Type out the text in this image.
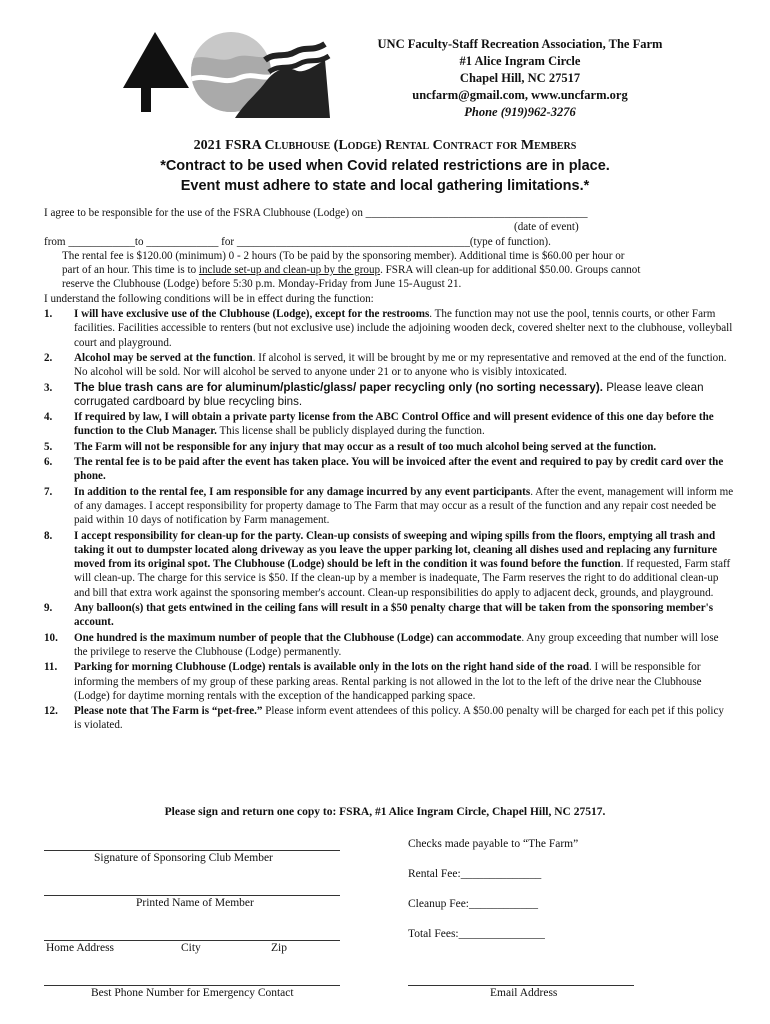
UNC Faculty-Staff Recreation Association, The Farm
#1 Alice Ingram Circle
Chapel Hill, NC 27517
uncfarm@gmail.com, www.uncfarm.org
Phone (919)962-3276
2021 FSRA Clubhouse (Lodge) Rental Contract for Members
*Contract to be used when Covid related restrictions are in place.
Event must adhere to state and local gathering limitations.*
I agree to be responsible for the use of the FSRA Clubhouse (Lodge) on ________________________________________
(date of event)
from ____________to _____________ for __________________________________________(type of function).
The rental fee is $120.00 (minimum) 0 - 2 hours (To be paid by the sponsoring member). Additional time is $60.00 per hour or
part of an hour. This time is to include set-up and clean-up by the group. FSRA will clean-up for additional $50.00. Groups cannot
reserve the Clubhouse (Lodge) before 5:30 p.m. Monday-Friday from June 15-August 21.
I understand the following conditions will be in effect during the function:
1.	I will have exclusive use of the Clubhouse (Lodge), except for the restrooms. The function may not use the pool, tennis courts, or other Farm facilities. Facilities accessible to renters (but not exclusive use) include the adjoining wooden deck, covered shelter next to the clubhouse, volleyball court and playground.
2.	Alcohol may be served at the function. If alcohol is served, it will be brought by me or my representative and removed at the end of the function. No alcohol will be sold. Nor will alcohol be served to anyone under 21 or to anyone who is visibly intoxicated.
3.	The blue trash cans are for aluminum/plastic/glass/ paper recycling only (no sorting necessary). Please leave clean corrugated cardboard by blue recycling bins.
4.	If required by law, I will obtain a private party license from the ABC Control Office and will present evidence of this one day before the function to the Club Manager. This license shall be publicly displayed during the function.
5.	The Farm will not be responsible for any injury that may occur as a result of too much alcohol being served at the function.
6.	The rental fee is to be paid after the event has taken place. You will be invoiced after the event and required to pay by credit card over the phone.
7.	In addition to the rental fee, I am responsible for any damage incurred by any event participants. After the event, management will inform me of any damages. I accept responsibility for property damage to The Farm that may occur as a result of the function and any repair cost needed be paid within 10 days of notification by Farm management.
8.	I accept responsibility for clean-up for the party. Clean-up consists of sweeping and wiping spills from the floors, emptying all trash and taking it out to dumpster located along driveway as you leave the upper parking lot, cleaning all dishes used and replacing any furniture moved from its original spot. The Clubhouse (Lodge) should be left in the condition it was found before the function. If requested, Farm staff will clean-up. The charge for this service is $50. If the clean-up by a member is inadequate, The Farm reserves the right to do additional clean-up and bill that extra work against the sponsoring member's account. Clean-up responsibilities do apply to adjacent deck, grounds, and playground.
9.	Any balloon(s) that gets entwined in the ceiling fans will result in a $50 penalty charge that will be taken from the sponsoring member's account.
10.	One hundred is the maximum number of people that the Clubhouse (Lodge) can accommodate. Any group exceeding that number will lose the privilege to reserve the Clubhouse (Lodge) permanently.
11.	Parking for morning Clubhouse (Lodge) rentals is available only in the lots on the right hand side of the road. I will be responsible for informing the members of my group of these parking areas. Rental parking is not allowed in the lot to the left of the drive near the Clubhouse (Lodge) for daytime morning rentals with the exception of the handicapped parking space.
12.	Please note that The Farm is “pet-free.” Please inform event attendees of this policy. A $50.00 penalty will be charged for each pet if this policy is violated.
Please sign and return one copy to: FSRA, #1 Alice Ingram Circle, Chapel Hill, NC 27517.
Signature of Sponsoring Club Member
Printed Name of Member
Home Address	City	Zip
Best Phone Number for Emergency Contact
Checks made payable to “The Farm”
Rental Fee:______________
Cleanup Fee:____________
Total Fees:_______________
Email Address
